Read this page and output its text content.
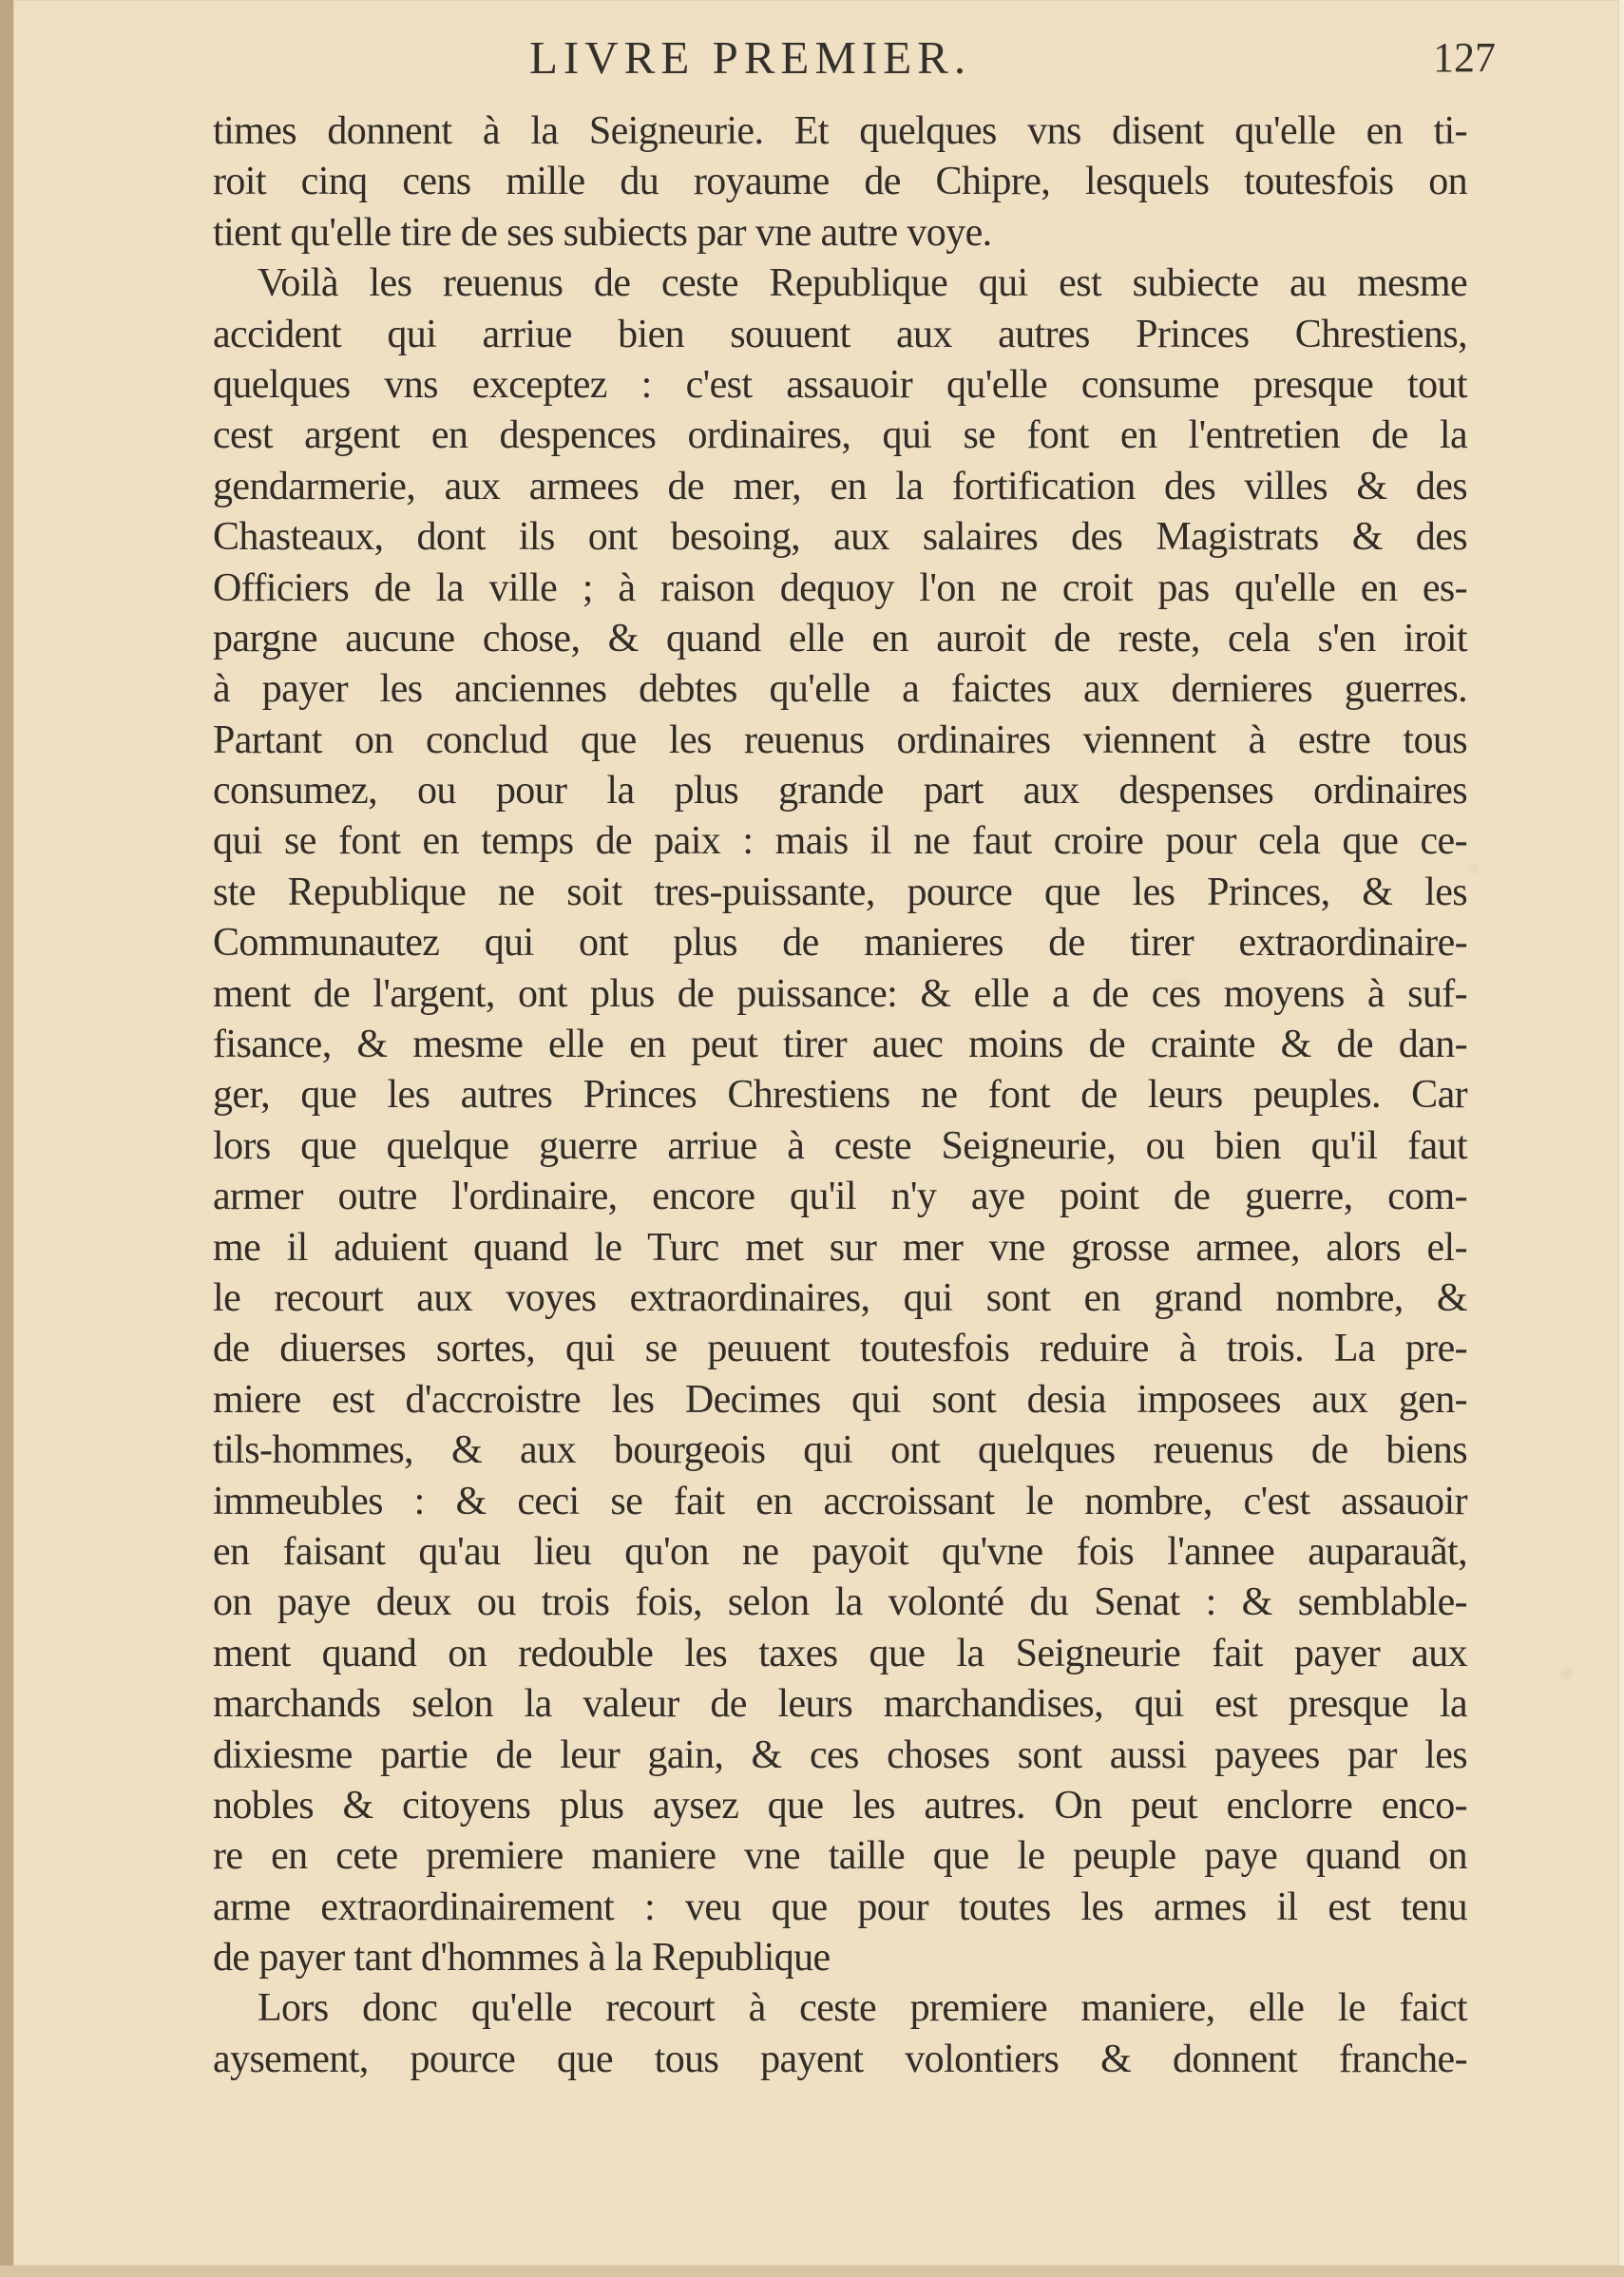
LIVRE PREMIER.	127
times donnent à la Seigneurie. Et quelques vns disent qu'elle en ti-
roit cinq cens mille du royaume de Chipre, lesquels toutesfois on
tient qu'elle tire de ses subiects par vne autre voye.
Voilà les reuenus de ceste Republique qui est subiecte au mesme
accident qui arriue bien souuent aux autres Princes Chrestiens,
quelques vns exceptez : c'est assauoir qu'elle consume presque tout
cest argent en despences ordinaires, qui se font en l'entretien de la
gendarmerie, aux armees de mer, en la fortification des villes & des
Chasteaux, dont ils ont besoing, aux salaires des Magistrats & des
Officiers de la ville ; à raison dequoy l'on ne croit pas qu'elle en es-
pargne aucune chose, & quand elle en auroit de reste, cela s'en iroit
à payer les anciennes debtes qu'elle a faictes aux dernieres guerres.
Partant on conclud que les reuenus ordinaires viennent à estre tous
consumez, ou pour la plus grande part aux despenses ordinaires
qui se font en temps de paix : mais il ne faut croire pour cela que ce-
ste Republique ne soit tres-puissante, pource que les Princes, & les
Communautez qui ont plus de manieres de tirer extraordinaire-
ment de l'argent, ont plus de puissance: & elle a de ces moyens à suf-
fisance, & mesme elle en peut tirer auec moins de crainte & de dan-
ger, que les autres Princes Chrestiens ne font de leurs peuples. Car
lors que quelque guerre arriue à ceste Seigneurie, ou bien qu'il faut
armer outre l'ordinaire, encore qu'il n'y aye point de guerre, com-
me il aduient quand le Turc met sur mer vne grosse armee, alors el-
le recourt aux voyes extraordinaires, qui sont en grand nombre, &
de diuerses sortes, qui se peuuent toutesfois reduire à trois. La pre-
miere est d'accroistre les Decimes qui sont desia imposees aux gen-
tils-hommes, & aux bourgeois qui ont quelques reuenus de biens
immeubles : & ceci se fait en accroissant le nombre, c'est assauoir
en faisant qu'au lieu qu'on ne payoit qu'vne fois l'annee auparauãt,
on paye deux ou trois fois, selon la volonté du Senat : & semblable-
ment quand on redouble les taxes que la Seigneurie fait payer aux
marchands selon la valeur de leurs marchandises, qui est presque la
dixiesme partie de leur gain, & ces choses sont aussi payees par les
nobles & citoyens plus aysez que les autres. On peut enclorre enco-
re en cete premiere maniere vne taille que le peuple paye quand on
arme extraordinairement : veu que pour toutes les armes il est tenu
de payer tant d'hommes à la Republique
Lors donc qu'elle recourt à ceste premiere maniere, elle le faict
aysement, pource que tous payent volontiers & donnent franche-
